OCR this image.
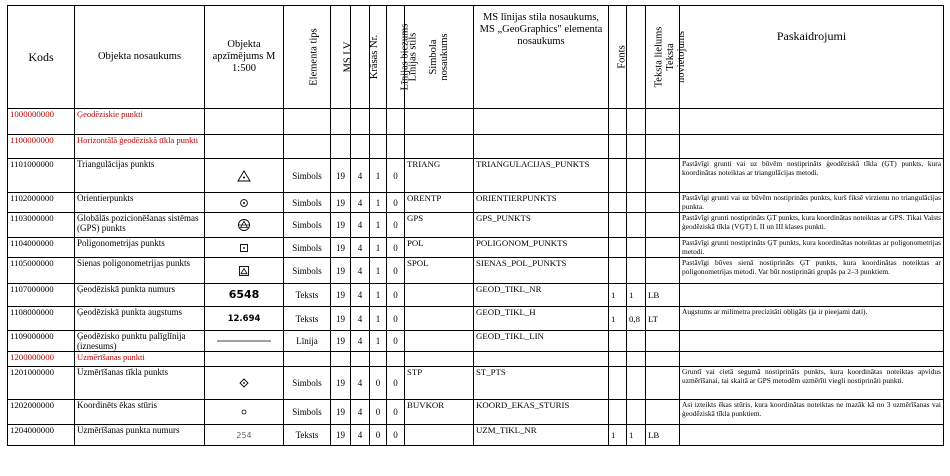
Kods	Objekta nosaukums	Objekta apzīmējums M 1:500	Elementa tips	MS LV	Krāsas Nr.	Līnijas biezums	Līnijas stils	Simbola nosaukums	MS līnijas stila nosaukums, MS „GeoGraphics" elementa nosaukums	Fonts	Teksta lielums	Teksta novietojums	Paskaidrojumi
1000000000	Ģeodēziskie punkti												
1100000000	Horizontālā ģeodēziskā tīkla punkti												
1101000000	Triangulācijas punkts		Simbols	19	4	1	0	TRIANG	TRIANGULACIJAS_PUNKTS				Pastāvīgi grunti vai uz būvēm nostiprināts ģeodēziskā tīkla (ĢT) punkts, kura koordinātas noteiktas ar triangulācijas metodi.
1102000000	Orientierpunkts		Simbols	19	4	1	0	ORENTP	ORIENTIERPUNKTS				Pastāvīgi grunti vai uz būvēm nostiprināts punkts, kurš fiksē virzienu no triangulācijas punkta.
1103000000	Globālās pozicionēšanas sistēmas (GPS) punkts		Simbols	19	4	1	0	GPS	GPS_PUNKTS				Pastāvīgi grunti nostiprināts ĢT punkts, kura koordinātas noteiktas ar GPS. Tikai Valsts ģeodēziskā tīkla (VĢT) I, II un III klases punkti.
1104000000	Poligonometrijas punkts		Simbols	19	4	1	0	POL	POLIGONOM_PUNKTS				Pastāvīgi grunti nostiprināts ĢT punkts, kura koordinātas noteiktas ar poligonometrijas metodi.
1105000000	Sienas poligonometrijas punkts		Simbols	19	4	1	0	SPOL	SIENAS_POL_PUNKTS				Pastāvīgi būves sienā nostiprināts ĢT punkts, kura koordinātas noteiktas ar poligonometrijas metodi. Var būt nostiprināti grupās pa 2–3 punktiem.
1107000000	Ģeodēziskā punkta numurs	6548	Teksts	19	4	1	0		GEOD_TIKL_NR	1	1	LB	
1108000000	Ģeodēziskā punkta augstums	12.694	Teksts	19	4	1	0		GEOD_TIKL_H	1	0,8	LT	Augstums ar milimetra precizitāti obligāts (ja ir pieejami dati).
1109000000	Ģeodēzisko punktu palīglīnija (iznesums)		Līnija	19	4	1	0		GEOD_TIKL_LIN				
1200000000	Uzmērīšanas punkti												
1201000000	Uzmērīšanas tīkla punkts		Simbols	19	4	0	0	STP	ST_PTS				Gruntī vai cietā segumā nostiprināts punkts, kura koordinātas noteiktas apvidus uzmērīšanai, tai skaitā ar GPS metodēm uzmērīti viegli nostiprināti punkti.
1202000000	Koordinēts ēkas stūris		Simbols	19	4	0	0	BUVKOR	KOORD_EKAS_STURIS				Asi izteikts ēkas stūris, kura koordinātas noteiktas ne mazāk kā no 3 uzmērīšanas vai ģeodēziskā tīkla punktiem.
1204000000	Uzmērīšanas punkta numurs	254	Teksts	19	4	0	0		UZM_TIKL_NR	1	1	LB	
